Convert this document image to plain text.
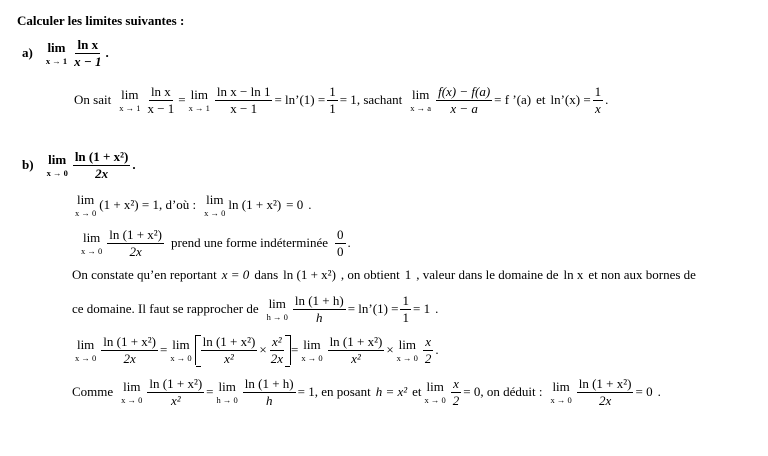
Calculer les limites suivantes :
a) lim
$x \to 1 \frac{\text{ln x}}{x - 1}$ .
On sait lim
$x \to 1 \frac{\text{ln x}}{x - 1} = \lim$
$x \to 1 \frac{\text{ln x − ln 1}}{x - 1}$ = ln’(1) = $\frac{1}{1} = 1$ , sachant lim
x → a $\frac{f(x) - f(a)}{x - a} = f$ ’(a) et ln’(x) = $\frac{1}{x}$ .
b) lim
$x \to 0 \frac{\text{ln (1 + x²)}}{2x}$ .
lim
x → 0
(1 + x²) = 1 , d’où : lim
x → 0
ln (1 + x²) = 0 .
lim
$x \to 0 \frac{\text{ln (1 + x²)}}{2x}$ prend une forme indéterminée $\frac{0}{0}$ .
On constate qu’en reportant x = 0 dans ln (1 + x²) , on obtient 1 , valeur dans le domaine de ln x et non aux bornes de
ce domaine. Il faut se rapprocher de lim
$h \to 0 \frac{\ln (1 + h)}{h}$ = ln’(1) = $\frac{1}{1} = 1$ .
lim
$x \to 0 \frac{\text{ln (1 + x²)}}{2x} = \lim$
$x \to 0 \frac{\text{ln (1 + x²)}}{\text{x²}} \times \frac{\text{x²}}{2x} = \lim$
$x \to 0 \frac{\text{ln (1 + x²)}}{\text{x²}} \times \lim$
$x \to 0 \frac{x}{2}$ .
Comme lim
$x \to 0 \frac{\text{ln (1 + x²)}}{\text{x²}} = \lim$
$h \to 0 \frac{\ln (1 + h)}{h} = 1$ , en posant h = x² et lim
$x \to 0 \frac{x}{2} = 0$ , on déduit : lim
$x \to 0 \frac{\text{ln (1 + x²)}}{2x} = 0$ .
